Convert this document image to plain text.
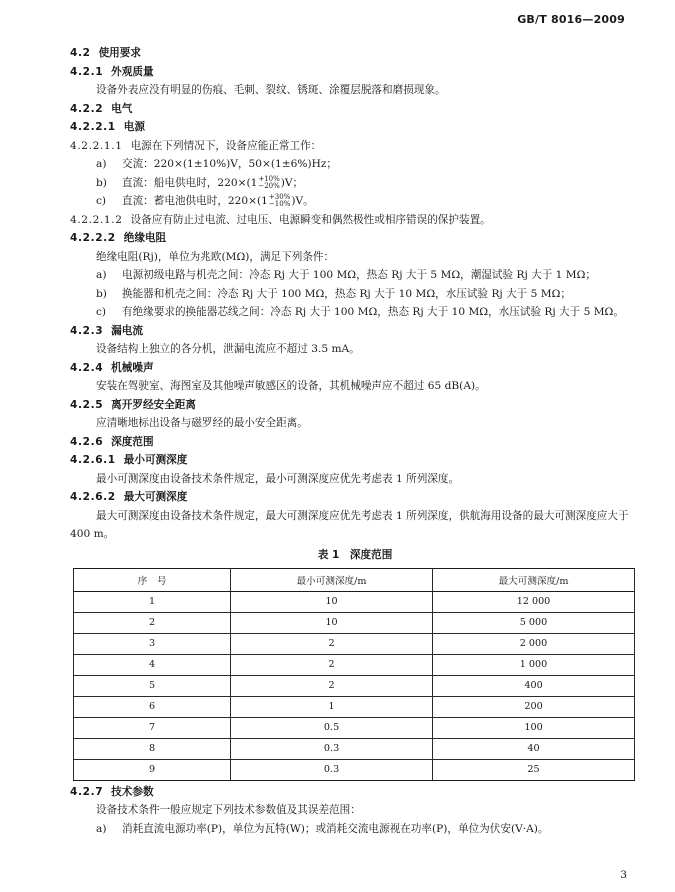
GB/T 8016—2009
4.2 使用要求
4.2.1 外观质量
设备外表应没有明显的伤痕、毛刺、裂纹、锈斑、涂覆层脱落和磨损现象。
4.2.2 电气
4.2.2.1 电源
4.2.2.1.1 电源在下列情况下，设备应能正常工作：
a) 交流：220×(1±10%)V，50×(1±6%)Hz；
b) 直流：船电供电时，220×(1 +10%
−20% )V；
c) 直流：蓄电池供电时，220×(1 +30%
−10% )V。
4.2.2.1.2 设备应有防止过电流、过电压、电源瞬变和偶然极性或相序错误的保护装置。
4.2.2.2 绝缘电阻
绝缘电阻(Rj)，单位为兆欧(MΩ)，满足下列条件：
a) 电源初级电路与机壳之间：冷态 Rj 大于 100 MΩ，热态 Rj 大于 5 MΩ，潮湿试验 Rj 大于 1 MΩ；
b) 换能器和机壳之间：冷态 Rj 大于 100 MΩ，热态 Rj 大于 10 MΩ，水压试验 Rj 大于 5 MΩ；
c) 有绝缘要求的换能器芯线之间：冷态 Rj 大于 100 MΩ，热态 Rj 大于 10 MΩ，水压试验 Rj 大于 5 MΩ。
4.2.3 漏电流
设备结构上独立的各分机，泄漏电流应不超过 3.5 mA。
4.2.4 机械噪声
安装在驾驶室、海图室及其他噪声敏感区的设备，其机械噪声应不超过 65 dB(A)。
4.2.5 离开罗经安全距离
应清晰地标出设备与磁罗经的最小安全距离。
4.2.6 深度范围
4.2.6.1 最小可测深度
最小可测深度由设备技术条件规定，最小可测深度应优先考虑表 1 所列深度。
4.2.6.2 最大可测深度
最大可测深度由设备技术条件规定，最大可测深度应优先考虑表 1 所列深度，供航海用设备的最大可测深度应大于 400 m。
表 1　深度范围
序　号	最小可测深度/m	最大可测深度/m
1	10	12 000
2	10	5 000
3	2	2 000
4	2	1 000
5	2	400
6	1	200
7	0.5	100
8	0.3	40
9	0.3	25
4.2.7 技术参数
设备技术条件一般应规定下列技术参数值及其误差范围：
a) 消耗直流电源功率(P)，单位为瓦特(W)；或消耗交流电源视在功率(P)，单位为伏安(V·A)。
3
